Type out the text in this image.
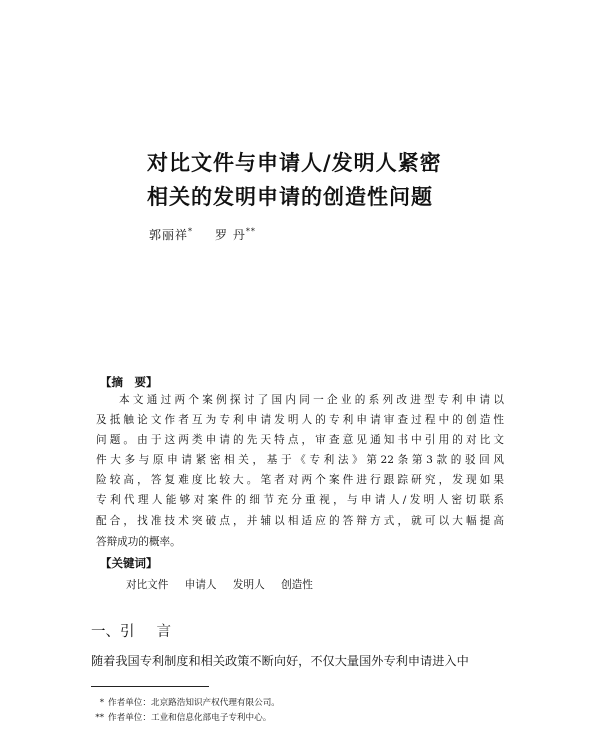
对比文件与申请人/发明人紧密
相关的发明申请的创造性问题
郭丽祥* 罗 丹**
【摘　要】
本文通过两个案例探讨了国内同一企业的系列改进型专利申请以
及抵触论文作者互为专利申请发明人的专利申请审查过程中的创造性
问题。由于这两类申请的先天特点，审查意见通知书中引用的对比文
件大多与原申请紧密相关，基于《专利法》第22条第3款的驳回风
险较高，答复难度比较大。笔者对两个案件进行跟踪研究，发现如果
专利代理人能够对案件的细节充分重视，与申请人/发明人密切联系
配合，找准技术突破点，并辅以相适应的答辩方式，就可以大幅提高
答辩成功的概率。
【关键词】
对比文件 申请人 发明人 创造性
一、引 言
随着我国专利制度和相关政策不断向好，不仅大量国外专利申请进入中
* 作者单位：北京路浩知识产权代理有限公司。
** 作者单位：工业和信息化部电子专利中心。
